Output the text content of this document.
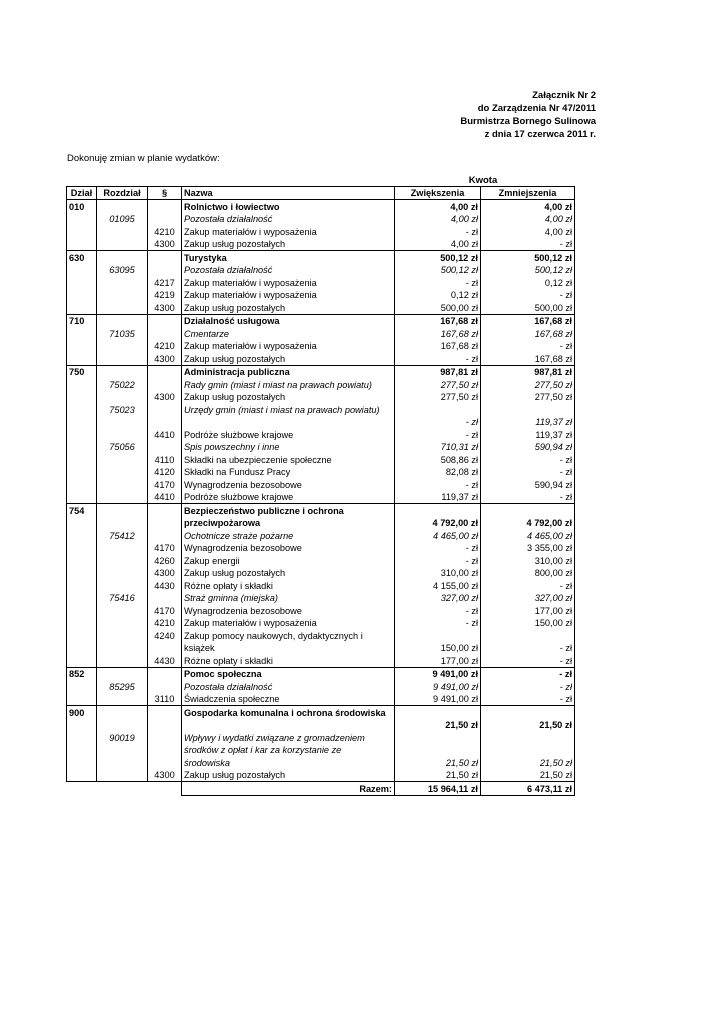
Załącznik Nr 2
do Zarządzenia Nr 47/2011
Burmistrza Bornego Sulinowa
z dnia 17 czerwca 2011 r.
Dokonuję zmian w planie wydatków:
Kwota
Dział	Rozdział	§	Nazwa	Zwiększenia	Zmniejszenia
010			Rolnictwo i łowiectwo	4,00 zł	4,00 zł
	01095		Pozostała działalność	4,00 zł	4,00 zł
		4210	Zakup materiałów i wyposażenia	- zł	4,00 zł
		4300	Zakup usług pozostałych	4,00 zł	- zł
630			Turystyka	500,12 zł	500,12 zł
	63095		Pozostała działalność	500,12 zł	500,12 zł
		4217	Zakup materiałów i wyposażenia	- zł	0,12 zł
		4219	Zakup materiałów i wyposażenia	0,12 zł	- zł
		4300	Zakup usług pozostałych	500,00 zł	500,00 zł
710			Działalność usługowa	167,68 zł	167,68 zł
	71035		Cmentarze	167,68 zł	167,68 zł
		4210	Zakup materiałów i wyposażenia	167,68 zł	- zł
		4300	Zakup usług pozostałych	- zł	167,68 zł
750			Administracja publiczna	987,81 zł	987,81 zł
	75022		Rady gmin (miast i miast na prawach powiatu)	277,50 zł	277,50 zł
		4300	Zakup usług pozostałych	277,50 zł	277,50 zł
	75023		Urzędy gmin (miast i miast na prawach powiatu)		
				- zł	119,37 zł
		4410	Podróże służbowe krajowe	- zł	119,37 zł
	75056		Spis powszechny i inne	710,31 zł	590,94 zł
		4110	Składki na ubezpieczenie społeczne	508,86 zł	- zł
		4120	Składki na Fundusz Pracy	82,08 zł	- zł
		4170	Wynagrodzenia bezosobowe	- zł	590,94 zł
		4410	Podróże służbowe krajowe	119,37 zł	- zł
754			Bezpieczeństwo publiczne i ochrona		
			przeciwpożarowa	4 792,00 zł	4 792,00 zł
	75412		Ochotnicze straże pożarne	4 465,00 zł	4 465,00 zł
		4170	Wynagrodzenia bezosobowe	- zł	3 355,00 zł
		4260	Zakup energii	- zł	310,00 zł
		4300	Zakup usług pozostałych	310,00 zł	800,00 zł
		4430	Różne opłaty i składki	4 155,00 zł	- zł
	75416		Straż gminna (miejska)	327,00 zł	327,00 zł
		4170	Wynagrodzenia bezosobowe	- zł	177,00 zł
		4210	Zakup materiałów i wyposażenia	- zł	150,00 zł
		4240	Zakup pomocy naukowych, dydaktycznych i		
			książek	150,00 zł	- zł
		4430	Różne opłaty i składki	177,00 zł	- zł
852			Pomoc społeczna	9 491,00 zł	- zł
	85295		Pozostała działalność	9 491,00 zł	- zł
		3110	Świadczenia społeczne	9 491,00 zł	- zł
900			Gospodarka komunalna i ochrona środowiska		
				21,50 zł	21,50 zł
	90019		Wpływy i wydatki związane z gromadzeniem		
			środków z opłat i kar za korzystanie ze		
			środowiska	21,50 zł	21,50 zł
		4300	Zakup usług pozostałych	21,50 zł	21,50 zł
			Razem:	15 964,11 zł	6 473,11 zł
